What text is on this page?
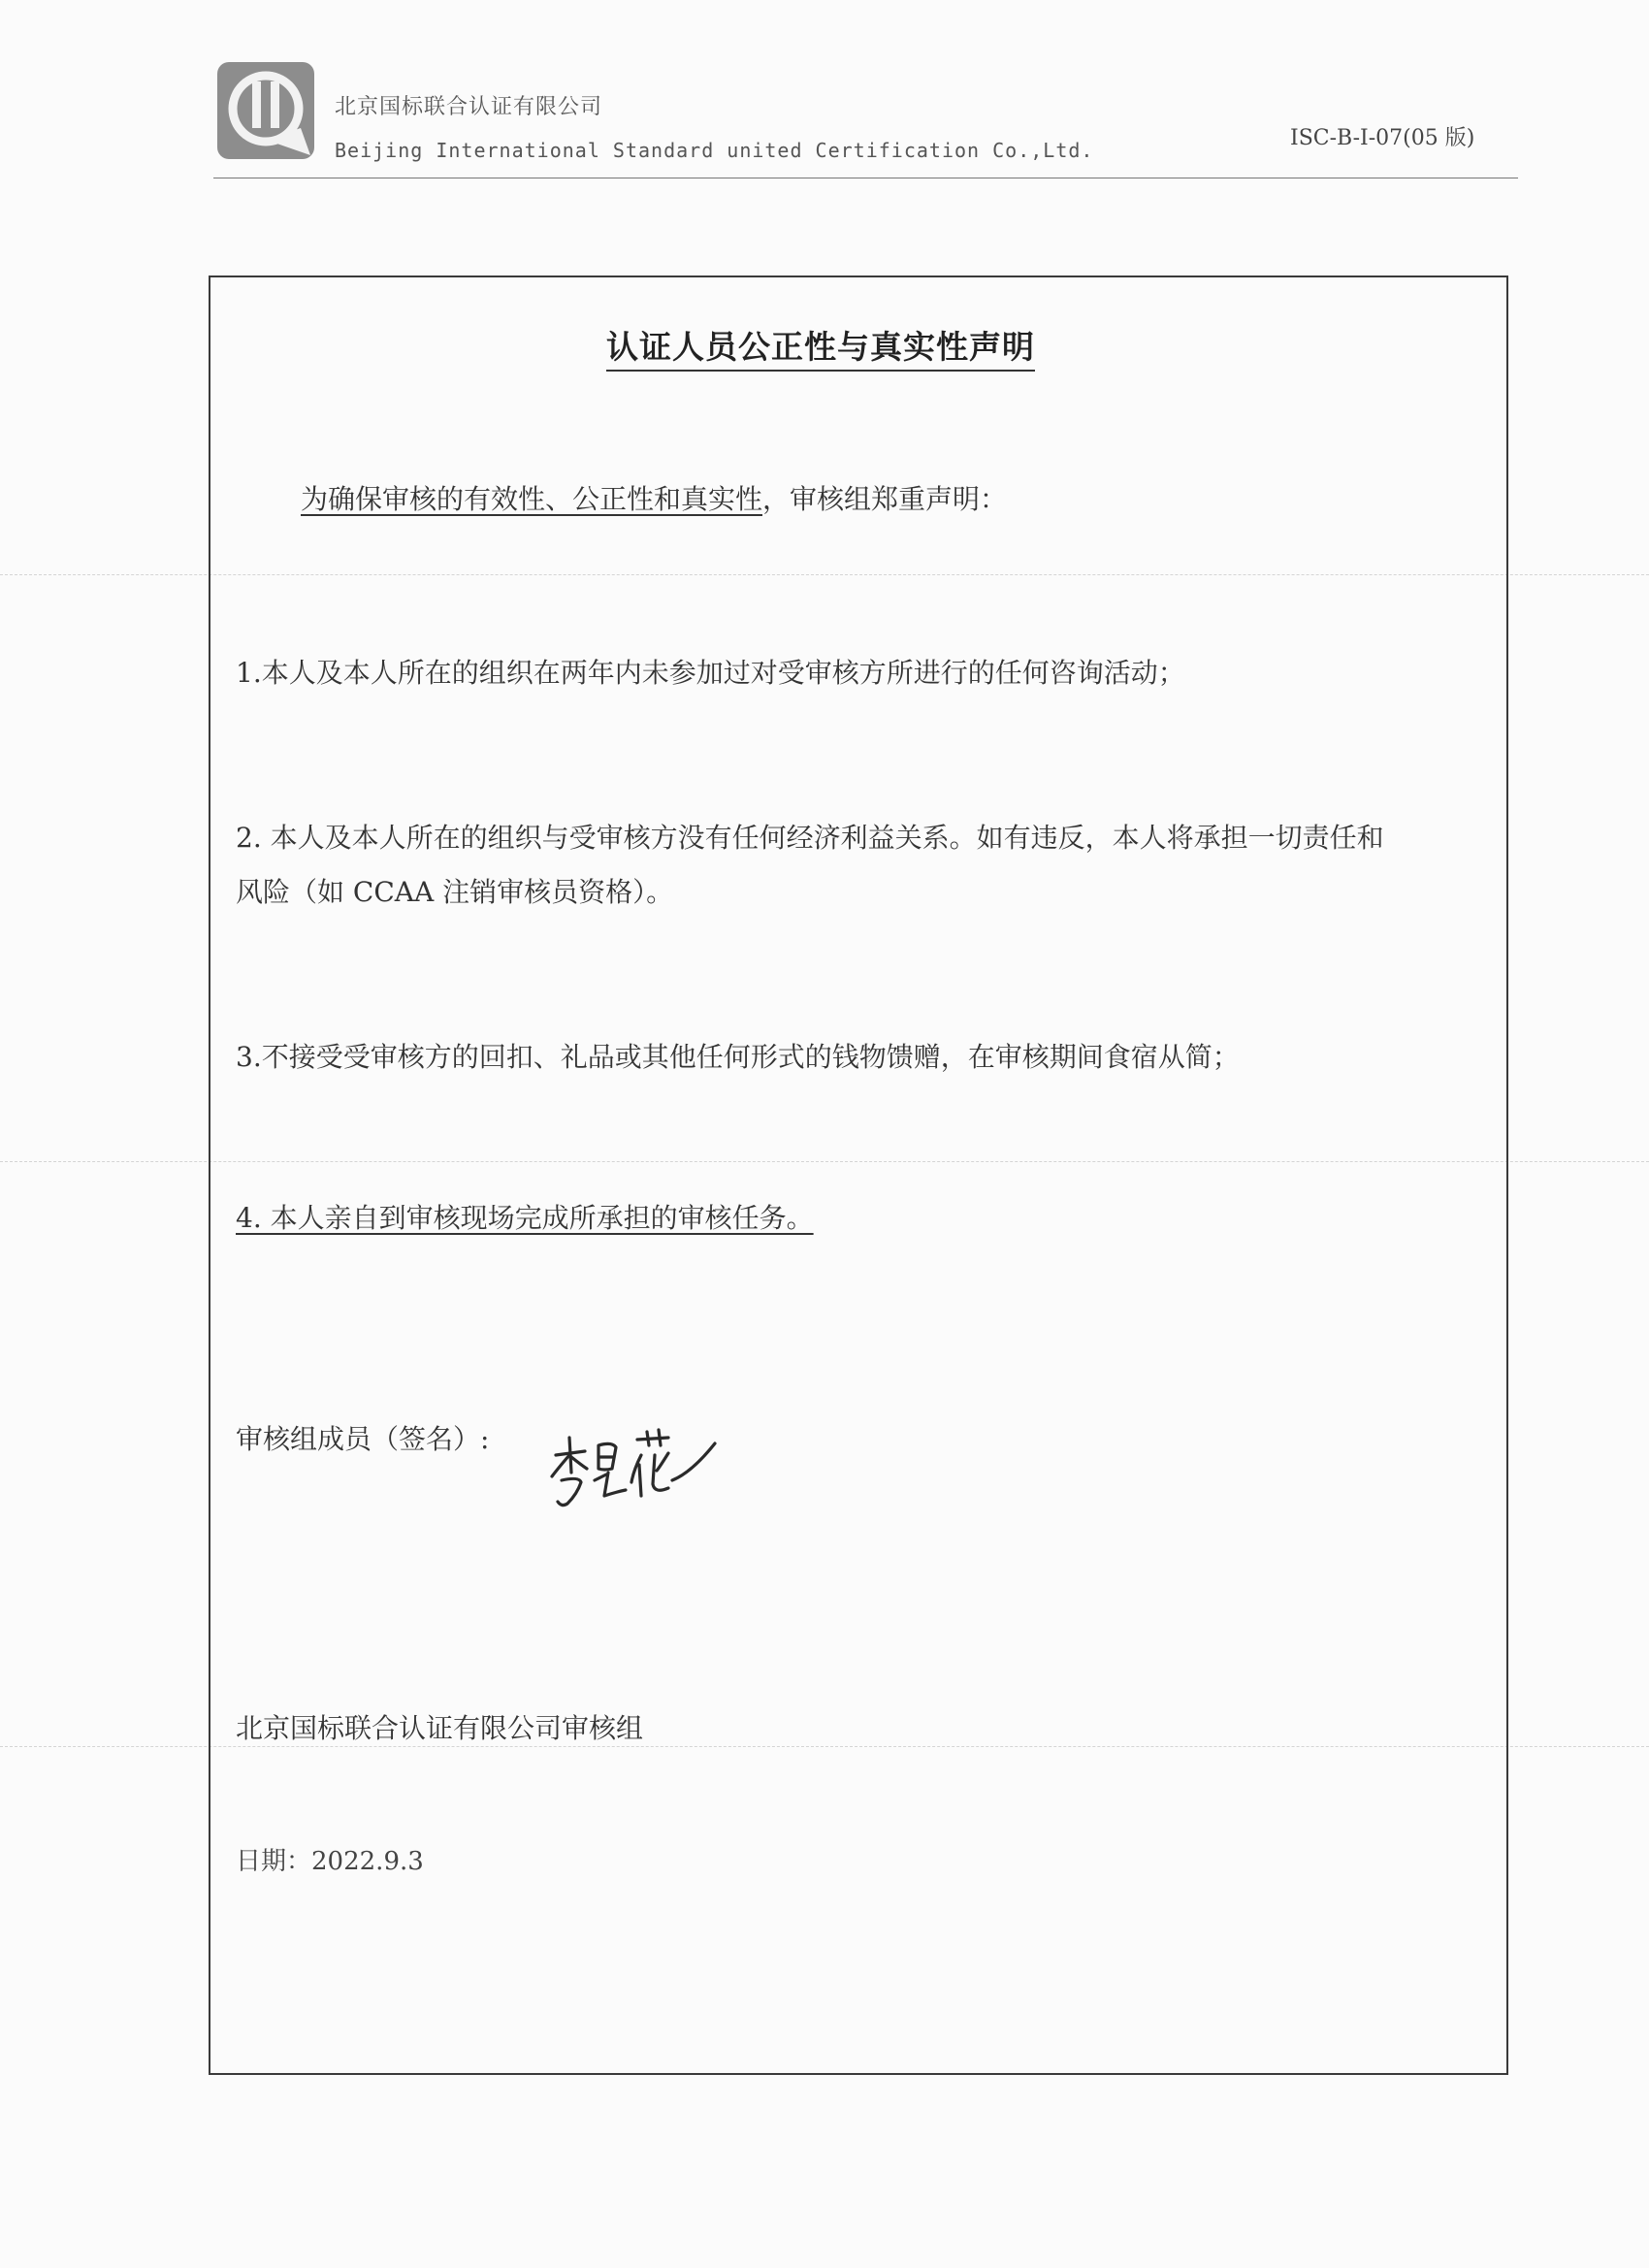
北京国标联合认证有限公司
Beijing International Standard united Certification Co.,Ltd.	ISC-B-I-07(05 版)
认证人员公正性与真实性声明
为确保审核的有效性、公正性和真实性，审核组郑重声明：
1.本人及本人所在的组织在两年内未参加过对受审核方所进行的任何咨询活动；
2. 本人及本人所在的组织与受审核方没有任何经济利益关系。如有违反，本人将承担一切责任和
风险（如 CCAA 注销审核员资格）。
3.不接受受审核方的回扣、礼品或其他任何形式的钱物馈赠，在审核期间食宿从简；
4. 本人亲自到审核现场完成所承担的审核任务。
审核组成员（签名）:
北京国标联合认证有限公司审核组
日期：2022.9.3
